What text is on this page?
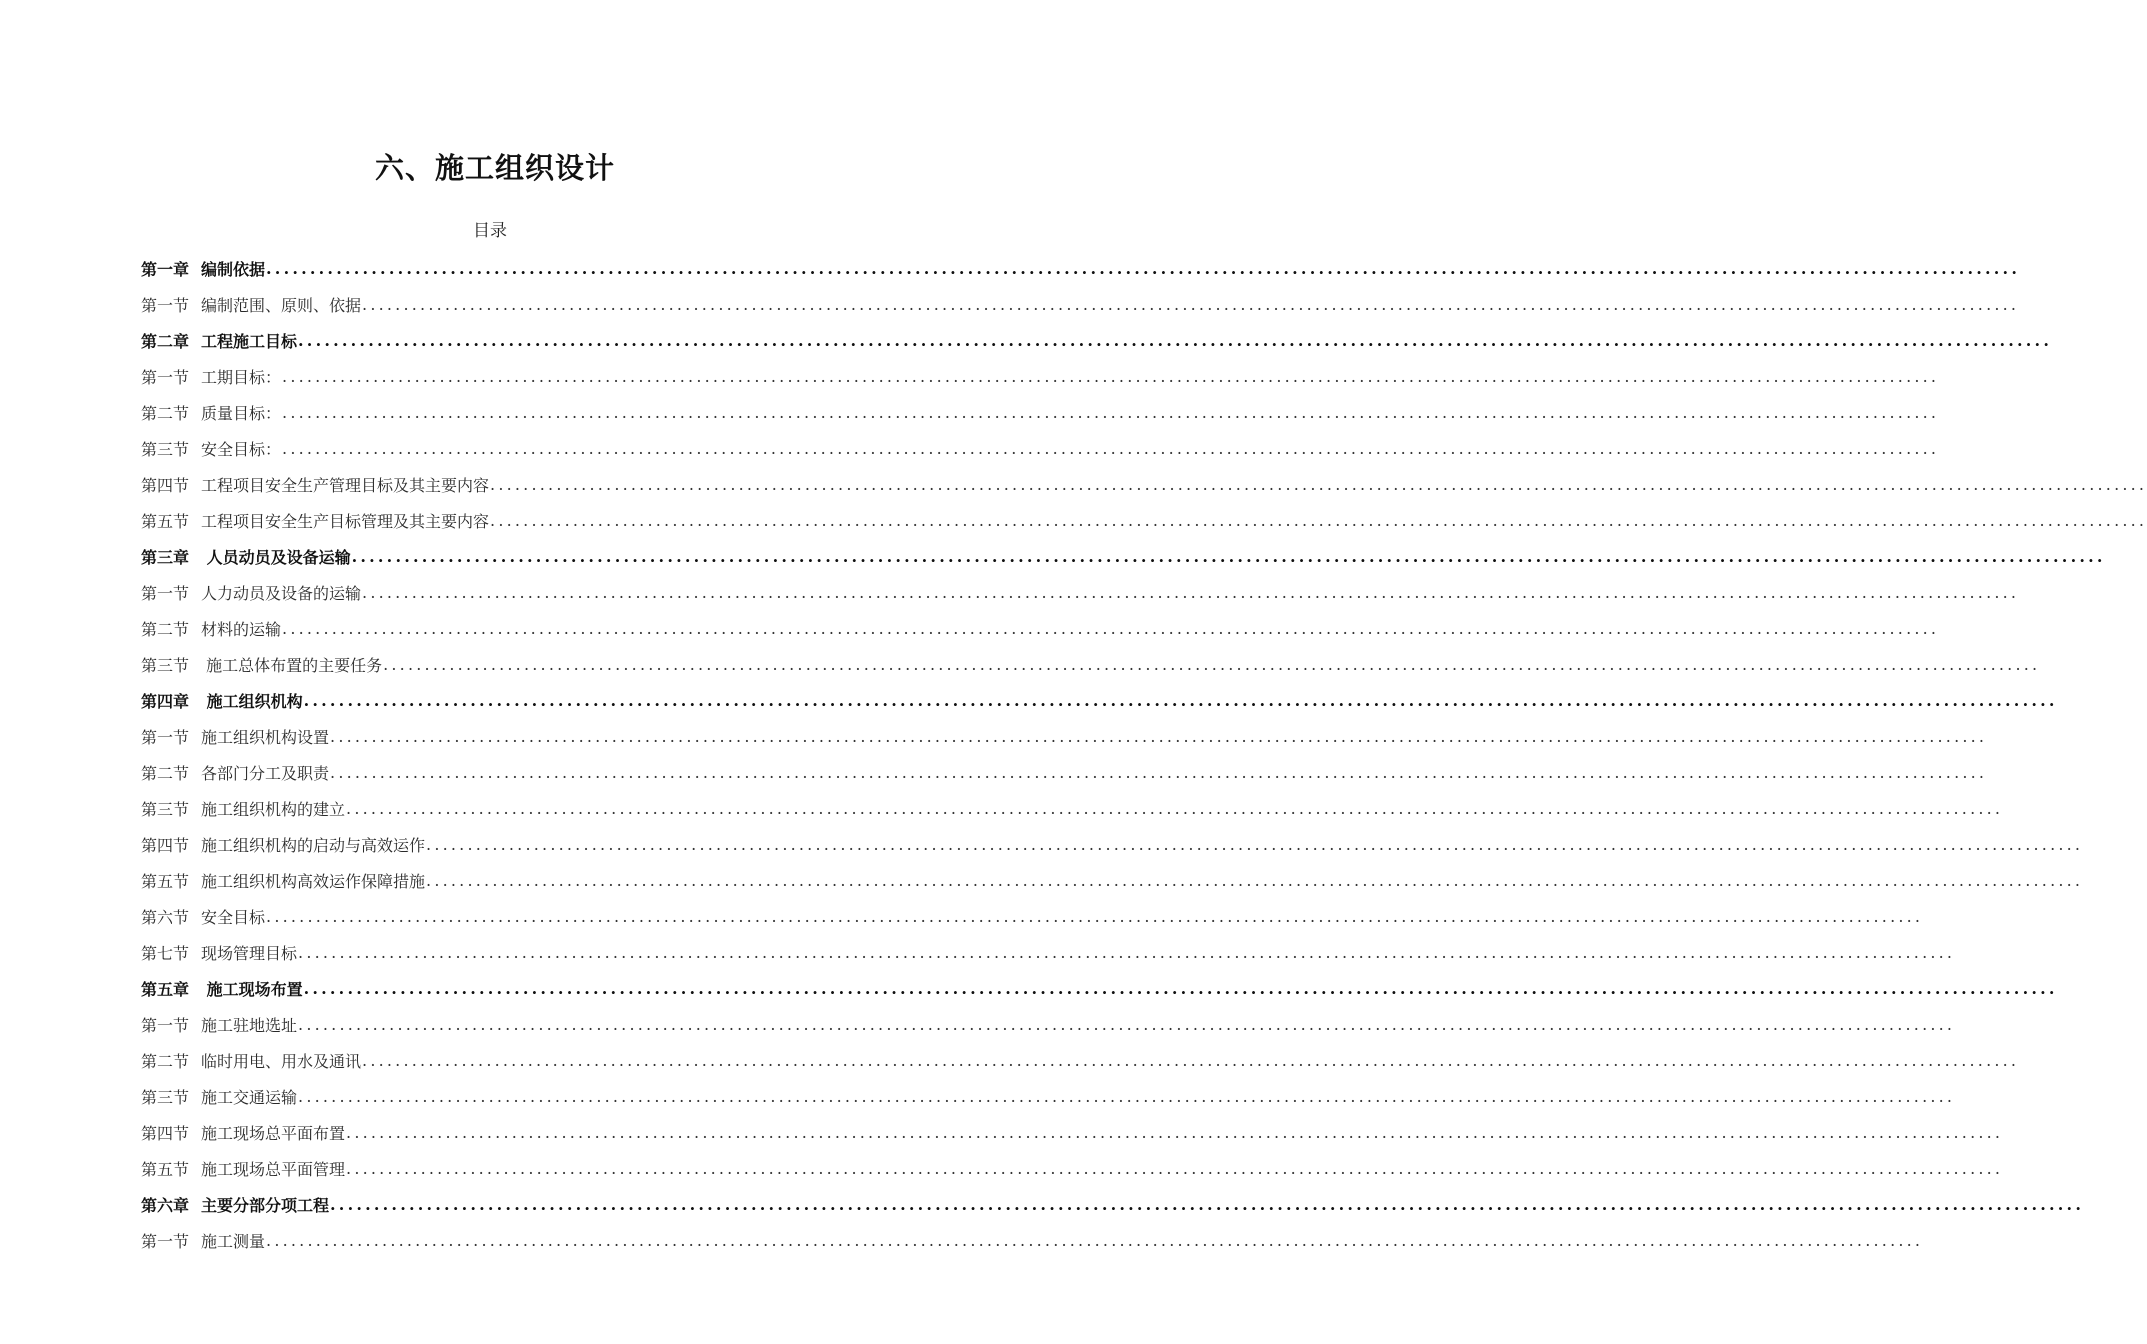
六、施工组织设计
目录
第一章 编制依据 ........................................................................................................................................................................................................
第一节 编制范围、原则、依据 ........................................................................................................................................................................................................
第二章 工程施工目标 ........................................................................................................................................................................................................
第一节 工期目标： ........................................................................................................................................................................................................
第二节 质量目标： ........................................................................................................................................................................................................
第三节 安全目标： ........................................................................................................................................................................................................
第四节 工程项目安全生产管理目标及其主要内容 ........................................................................................................................................................................................................
第五节 工程项目安全生产目标管理及其主要内容 ........................................................................................................................................................................................................
第三章 人员动员及设备运输 ........................................................................................................................................................................................................
第一节 人力动员及设备的运输 ........................................................................................................................................................................................................
第二节 材料的运输 ........................................................................................................................................................................................................
第三节 施工总体布置的主要任务 ........................................................................................................................................................................................................
第四章 施工组织机构 ........................................................................................................................................................................................................
第一节 施工组织机构设置 ........................................................................................................................................................................................................
第二节 各部门分工及职责 ........................................................................................................................................................................................................
第三节 施工组织机构的建立 ........................................................................................................................................................................................................
第四节 施工组织机构的启动与高效运作 ........................................................................................................................................................................................................
第五节 施工组织机构高效运作保障措施 ........................................................................................................................................................................................................
第六节 安全目标 ........................................................................................................................................................................................................
第七节 现场管理目标 ........................................................................................................................................................................................................
第五章 施工现场布置 ........................................................................................................................................................................................................
第一节 施工驻地选址 ........................................................................................................................................................................................................
第二节 临时用电、用水及通讯 ........................................................................................................................................................................................................
第三节 施工交通运输 ........................................................................................................................................................................................................
第四节 施工现场总平面布置 ........................................................................................................................................................................................................
第五节 施工现场总平面管理 ........................................................................................................................................................................................................
第六章 主要分部分项工程 ........................................................................................................................................................................................................
第一节 施工测量 ........................................................................................................................................................................................................
